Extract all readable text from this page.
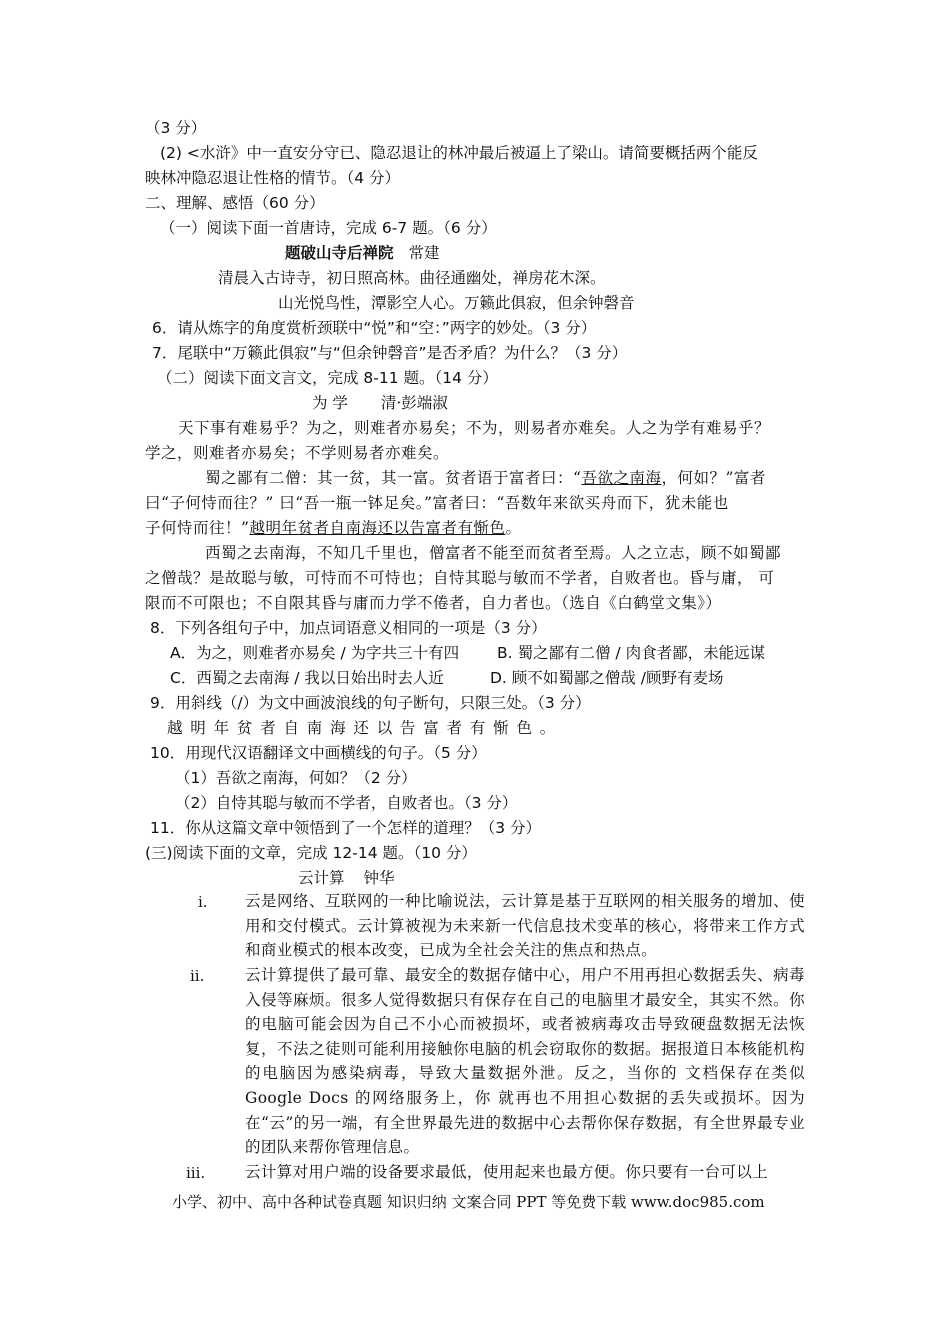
（3 分）
(2) <水浒》中一直安分守已、隐忍退让的林冲最后被逼上了梁山。请简要概括两个能反
映林冲隐忍退让性格的情节。（4 分）
二、理解、感悟（60 分）
（一）阅读下面一首唐诗，完成 6-7 题。（6 分）
题破山寺后禅院 常建
清晨入古诗寺，初日照高林。曲径通幽处，禅房花木深。
山光悦鸟性，潭影空人心。万籁此俱寂，但余钟磬音
6．请从炼字的角度赏析颈联中“悦”和“空：”两字的妙处。（3 分）
7．尾联中“万籁此俱寂”与“但余钟磬音”是否矛盾？为什么？（3 分）
（二）阅读下面文言文，完成 8-11 题。（14 分）
为 学 清·彭端淑
天下事有难易乎？为之，则难者亦易矣；不为，则易者亦难矣。人之为学有难易乎？
学之，则难者亦易矣；不学则易者亦难矣。
蜀之鄙有二僧：其一贫，其一富。贫者语于富者曰：“吾欲之南海，何如？”富者
曰“子何恃而往？” 曰“吾一瓶一钵足矣。”富者曰：“吾数年来欲买舟而下，犹未能也
子何恃而往！”越明年贫者自南海还以告富者有惭色。
西蜀之去南海，不知几千里也，僧富者不能至而贫者至焉。人之立志，顾不如蜀鄙
之僧哉？是故聪与敏，可恃而不可恃也；自恃其聪与敏而不学者，自败者也。昏与庸， 可
限而不可限也；不自限其昏与庸而力学不倦者，自力者也。（选自《白鹤堂文集》）
8．下列各组句子中，加点词语意义相同的一项是（3 分）
A．为之，则难者亦易矣 / 为字共三十有四 B. 蜀之鄙有二僧 / 肉食者鄙，未能远谋
C．西蜀之去南海 / 我以日始出时去人近	D. 顾不如蜀鄙之僧哉 /顾野有麦场
9．用斜线（/）为文中画波浪线的句子断句，只限三处。（3 分）
越明年贫者自南海还以告富者有惭色。
10．用现代汉语翻译文中画横线的句子。（5 分）
（1）吾欲之南海，何如？（2 分）
（2）自恃其聪与敏而不学者，自败者也。（3 分）
11．你从这篇文章中领悟到了一个怎样的道理？（3 分）
(三)阅读下面的文章，完成 12-14 题。（10 分）
云计算 钟华
i. 云是网络、互联网的一种比喻说法，云计算是基于互联网的相关服务的增加、使用和交付模式。云计算被视为未来新一代信息技术变革的核心，将带来工作方式和商业模式的根本改变，已成为全社会关注的焦点和热点。
ii.	云计算提供了最可靠、最安全的数据存储中心，用户不用再担心数据丢失、病毒入侵等麻烦。很多人觉得数据只有保存在自己的电脑里才最安全，其实不然。你的电脑可能会因为自己不小心而被损坏，或者被病毒攻击导致硬盘数据无法恢复，不法之徒则可能利用接触你电脑的机会窃取你的数据。据报道日本核能机构的电脑因为感染病毒，导致大量数据外泄。反之，当你的 文档保存在类似Google Docs 的网络服务上，你 就再也不用担心数据的丢失或损坏。因为在“云”的另一端，有全世界最先进的数据中心去帮你保存数据，有全世界最专业的团队来帮你管理信息。
iii.	云计算对用户端的设备要求最低，使用起来也最方便。你只要有一台可以上
小学、初中、高中各种试卷真题 知识归纳 文案合同 PPT 等免费下载 www.doc985.com
